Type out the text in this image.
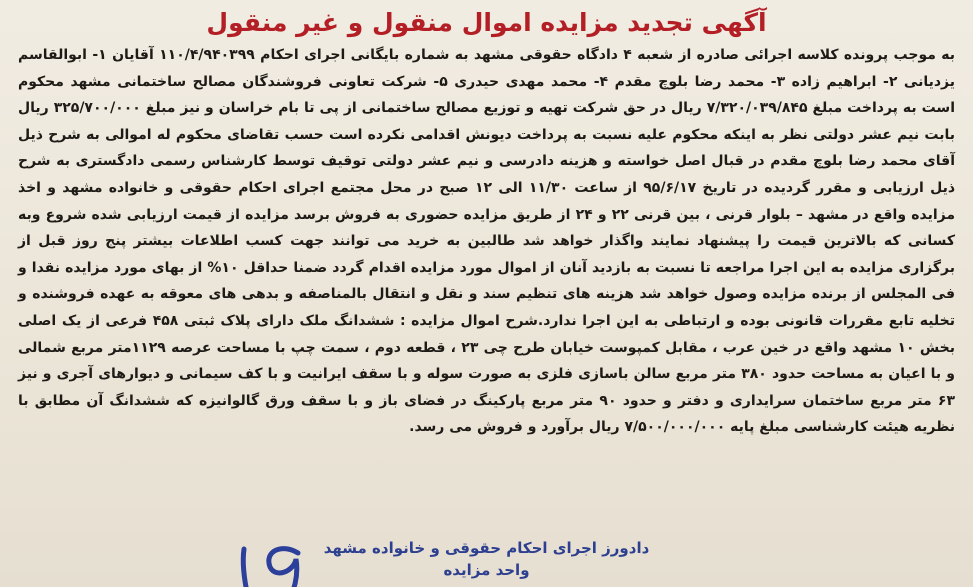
آگهی تجدید مزایده اموال منقول و غیر منقول

به موجب پرونده کلاسه اجرائی صادره از شعبه ۴ دادگاه حقوقی مشهد به شماره بایگانی اجرای احکام ۱۱۰/۴/۹۴۰۳۹۹ آقایان ۱- ابوالقاسم یزدیانی ۲- ابراهیم زاده ۳- محمد رضا بلوچ مقدم ۴- محمد مهدی حیدری ۵- شرکت تعاونی فروشندگان مصالح ساختمانی مشهد محکوم است به پرداخت مبلغ ۷/۳۲۰/۰۳۹/۸۴۵ ریال در حق شرکت تهیه و توزیع مصالح ساختمانی از پی تا بام خراسان و نیز مبلغ ۳۲۵/۷۰۰/۰۰۰ ریال بابت نیم عشر دولتی نظر به اینکه محکوم علیه نسبت به پرداخت دیونش اقدامی نکرده است حسب تقاضای محکوم له اموالی به شرح ذیل آقای محمد رضا بلوچ مقدم در قبال اصل خواسته و هزینه دادرسی و نیم عشر دولتی توقیف توسط کارشناس رسمی دادگستری به شرح ذیل ارزیابی و مقرر گردیده در تاریخ ۹۵/۶/۱۷ از ساعت ۱۱/۳۰ الی ۱۲ صبح در محل مجتمع اجرای احکام حقوقی و خانواده مشهد و اخذ مزایده واقع در مشهد – بلوار قرنی ، بین قرنی ۲۲ و ۲۴ از طریق مزایده حضوری به فروش برسد مزایده از قیمت ارزیابی شده شروع وبه کسانی که بالاترین قیمت را پیشنهاد نمایند واگذار خواهد شد طالبین به خرید می توانند جهت کسب اطلاعات بیشتر پنج روز قبل از برگزاری مزایده به این اجرا مراجعه تا نسبت به بازدید آنان از اموال مورد مزایده اقدام گردد ضمنا حداقل ۱۰% از بهای مورد مزایده نقدا و فی المجلس از برنده مزایده وصول خواهد شد هزینه های تنظیم سند و نقل و انتقال بالمناصفه و بدهی های معوقه به عهده فروشنده و تخلیه تابع مقررات قانونی بوده و ارتباطی به این اجرا ندارد.شرح اموال مزایده : ششدانگ ملک دارای پلاک ثبتی ۴۵۸ فرعی از یک اصلی بخش ۱۰ مشهد واقع در خین عرب ، مقابل کمپوست خیابان طرح چی ۲۳ ، قطعه دوم ، سمت چپ با مساحت عرصه ۱۱۲۹متر مربع شمالی و با اعیان به مساحت حدود ۳۸۰ متر مربع سالن باسازی فلزی به صورت سوله و با سقف ایرانیت و با کف سیمانی و دیوارهای آجری و نیز ۶۳ متر مربع ساختمان سرایداری و دفتر و حدود ۹۰ متر مربع پارکینگ در فضای باز و با سقف ورق گالوانیزه که ششدانگ آن مطابق با نظریه هیئت کارشناسی مبلغ پایه ۷/۵۰۰/۰۰۰/۰۰۰ ریال برآورد و فروش می رسد.

دادورز اجرای احکام حقوقی و خانواده مشهد
واحد مزایده
